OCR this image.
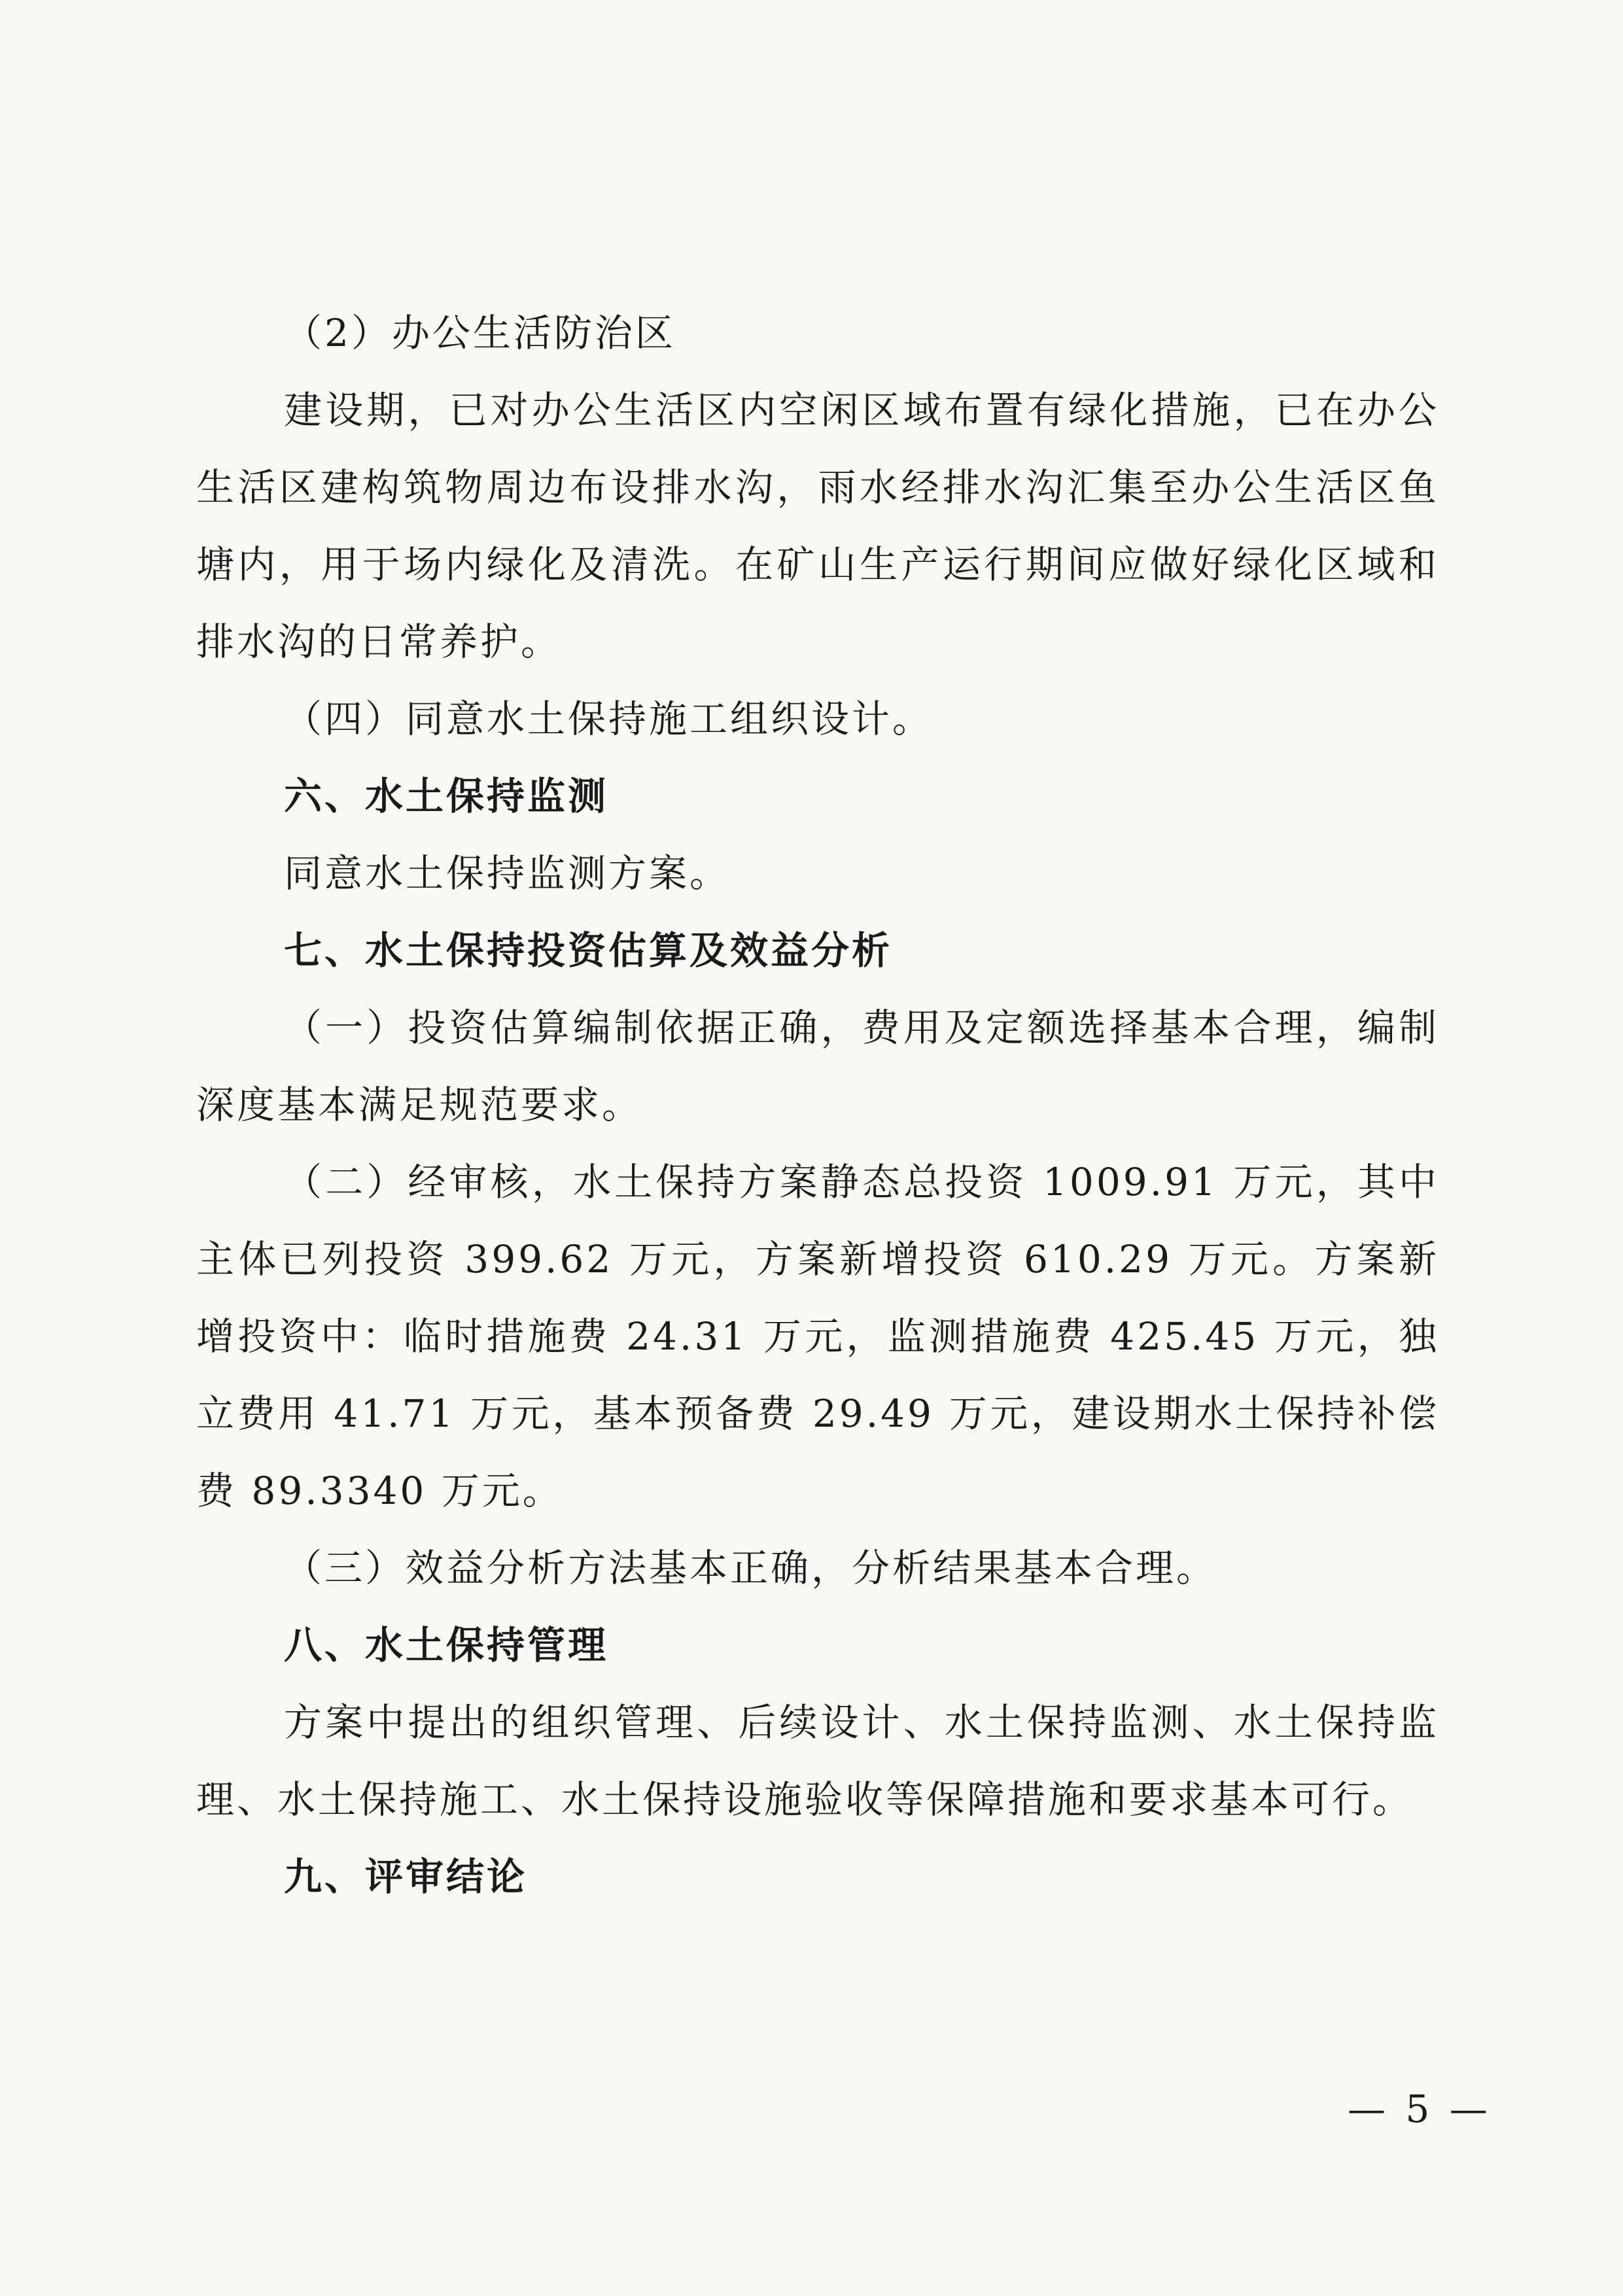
（2）办公生活防治区

建设期，已对办公生活区内空闲区域布置有绿化措施，已在办公生活区建构筑物周边布设排水沟，雨水经排水沟汇集至办公生活区鱼塘内，用于场内绿化及清洗。在矿山生产运行期间应做好绿化区域和排水沟的日常养护。

（四）同意水土保持施工组织设计。

六、水土保持监测

同意水土保持监测方案。

七、水土保持投资估算及效益分析

（一）投资估算编制依据正确，费用及定额选择基本合理，编制深度基本满足规范要求。

（二）经审核，水土保持方案静态总投资 1009.91 万元，其中主体已列投资 399.62 万元，方案新增投资 610.29 万元。方案新增投资中：临时措施费 24.31 万元，监测措施费 425.45 万元，独立费用 41.71 万元，基本预备费 29.49 万元，建设期水土保持补偿费 89.3340 万元。

（三）效益分析方法基本正确，分析结果基本合理。

八、水土保持管理

方案中提出的组织管理、后续设计、水土保持监测、水土保持监理、水土保持施工、水土保持设施验收等保障措施和要求基本可行。

九、评审结论

— 5 —
